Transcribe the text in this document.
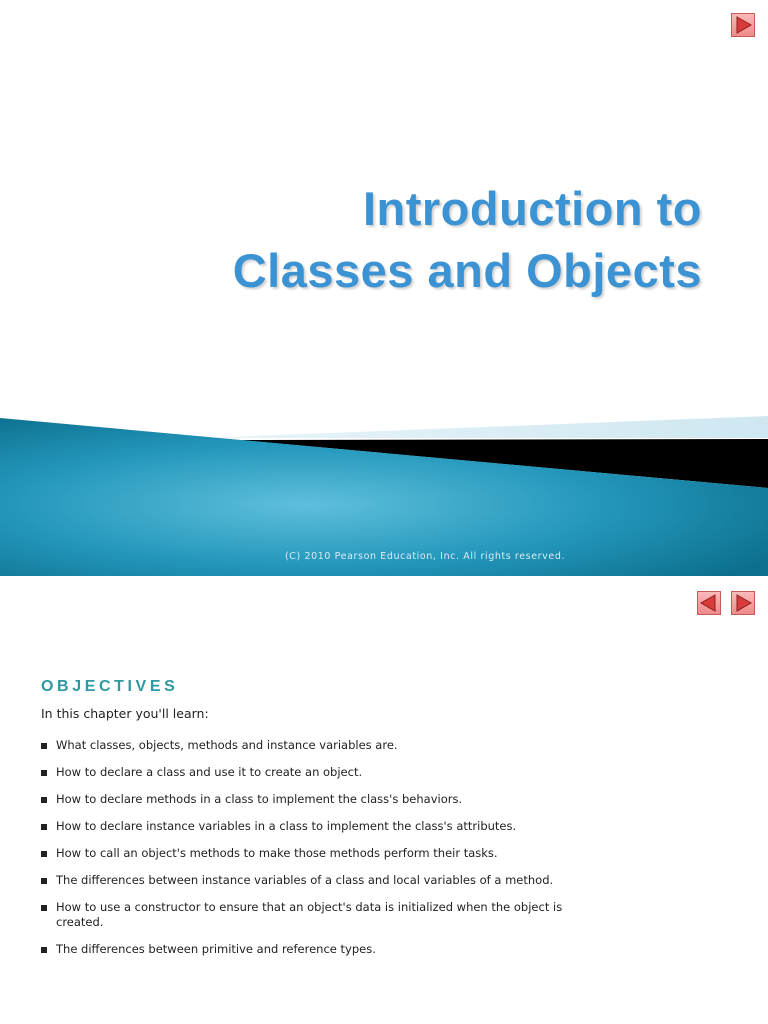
Introduction to
Classes and Objects
(C) 2010 Pearson Education, Inc. All rights reserved.
OBJECTIVES
In this chapter you'll learn:
What classes, objects, methods and instance variables are.
How to declare a class and use it to create an object.
How to declare methods in a class to implement the class's behaviors.
How to declare instance variables in a class to implement the class's attributes.
How to call an object's methods to make those methods perform their tasks.
The differences between instance variables of a class and local variables of a method.
How to use a constructor to ensure that an object's data is initialized when the object is created.
The differences between primitive and reference types.
